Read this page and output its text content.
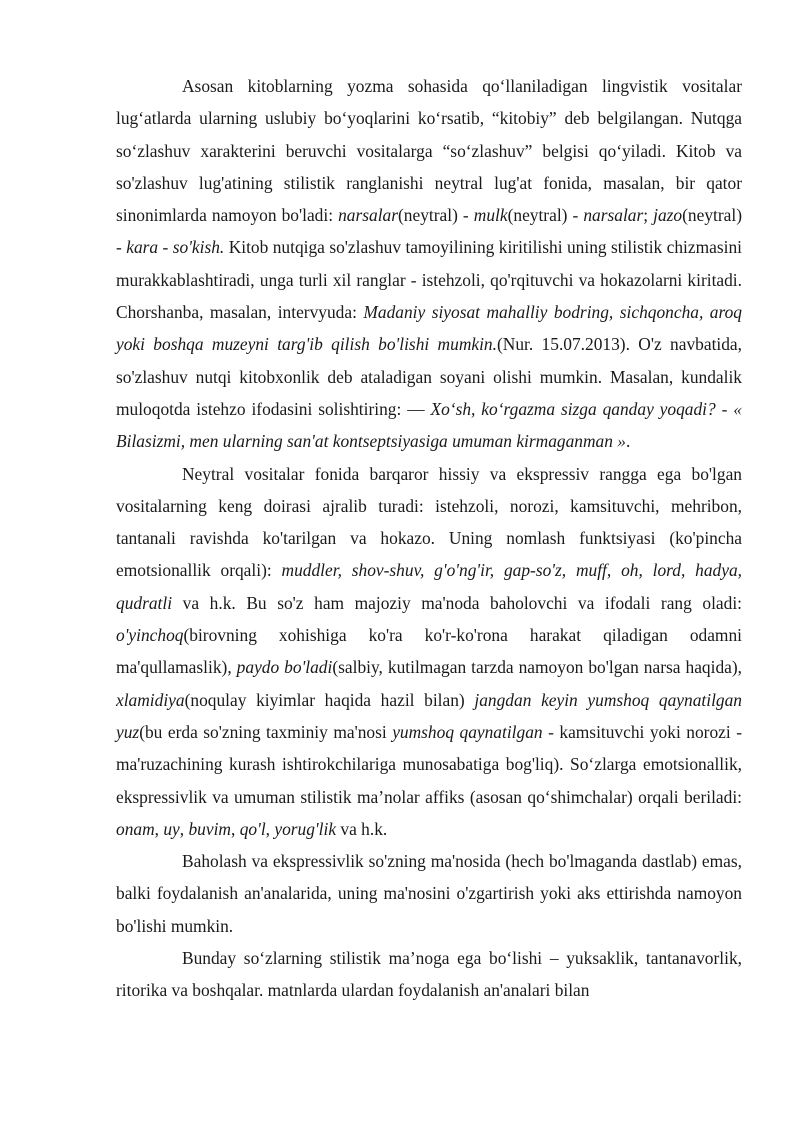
Asosan kitoblarning yozma sohasida qo‘llaniladigan lingvistik vositalar lug‘atlarda ularning uslubiy bo‘yoqlarini ko‘rsatib, “kitobiy” deb belgilangan. Nutqga so‘zlashuv xarakterini beruvchi vositalarga “so‘zlashuv” belgisi qo‘yiladi. Kitob va so'zlashuv lug'atining stilistik ranglanishi neytral lug'at fonida, masalan, bir qator sinonimlarda namoyon bo'ladi: narsalar(neytral) - mulk(neytral) - narsalar; jazo(neytral) - kara - so'kish. Kitob nutqiga so'zlashuv tamoyilining kiritilishi uning stilistik chizmasini murakkablashtiradi, unga turli xil ranglar - istehzoli, qo'rqituvchi va hokazolarni kiritadi. Chorshanba, masalan, intervyuda: Madaniy siyosat mahalliy bodring, sichqoncha, aroq yoki boshqa muzeyni targ'ib qilish bo'lishi mumkin.(Nur. 15.07.2013). O'z navbatida, so'zlashuv nutqi kitobxonlik deb ataladigan soyani olishi mumkin. Masalan, kundalik muloqotda istehzo ifodasini solishtiring: — Xo‘sh, ko‘rgazma sizga qanday yoqadi? - « Bilasizmi, men ularning san'at kontseptsiyasiga umuman kirmaganman ».

Neytral vositalar fonida barqaror hissiy va ekspressiv rangga ega bo'lgan vositalarning keng doirasi ajralib turadi: istehzoli, norozi, kamsituvchi, mehribon, tantanali ravishda ko'tarilgan va hokazo. Uning nomlash funktsiyasi (ko'pincha emotsionallik orqali): muddler, shov-shuv, g'o'ng'ir, gap-so'z, muff, oh, lord, hadya, qudratli va h.k. Bu so'z ham majoziy ma'noda baholovchi va ifodali rang oladi: o'yinchoq(birovning xohishiga ko'ra ko'r-ko'rona harakat qiladigan odamni ma'qullamaslik), paydo bo'ladi(salbiy, kutilmagan tarzda namoyon bo'lgan narsa haqida), xlamidiya(noqulay kiyimlar haqida hazil bilan) jangdan keyin yumshoq qaynatilgan yuz(bu erda so'zning taxminiy ma'nosi yumshoq qaynatilgan - kamsituvchi yoki norozi - ma'ruzachining kurash ishtirokchilariga munosabatiga bog'liq). So‘zlarga emotsionallik, ekspressivlik va umuman stilistik ma’nolar affiks (asosan qo‘shimchalar) orqali beriladi: onam, uy, buvim, qo'l, yorug'lik va h.k.

Baholash va ekspressivlik so'zning ma'nosida (hech bo'lmaganda dastlab) emas, balki foydalanish an'analarida, uning ma'nosini o'zgartirish yoki aks ettirishda namoyon bo'lishi mumkin.

Bunday so‘zlarning stilistik ma’noga ega bo‘lishi – yuksaklik, tantanavorlik, ritorika va boshqalar. matnlarda ulardan foydalanish an'analari bilan
